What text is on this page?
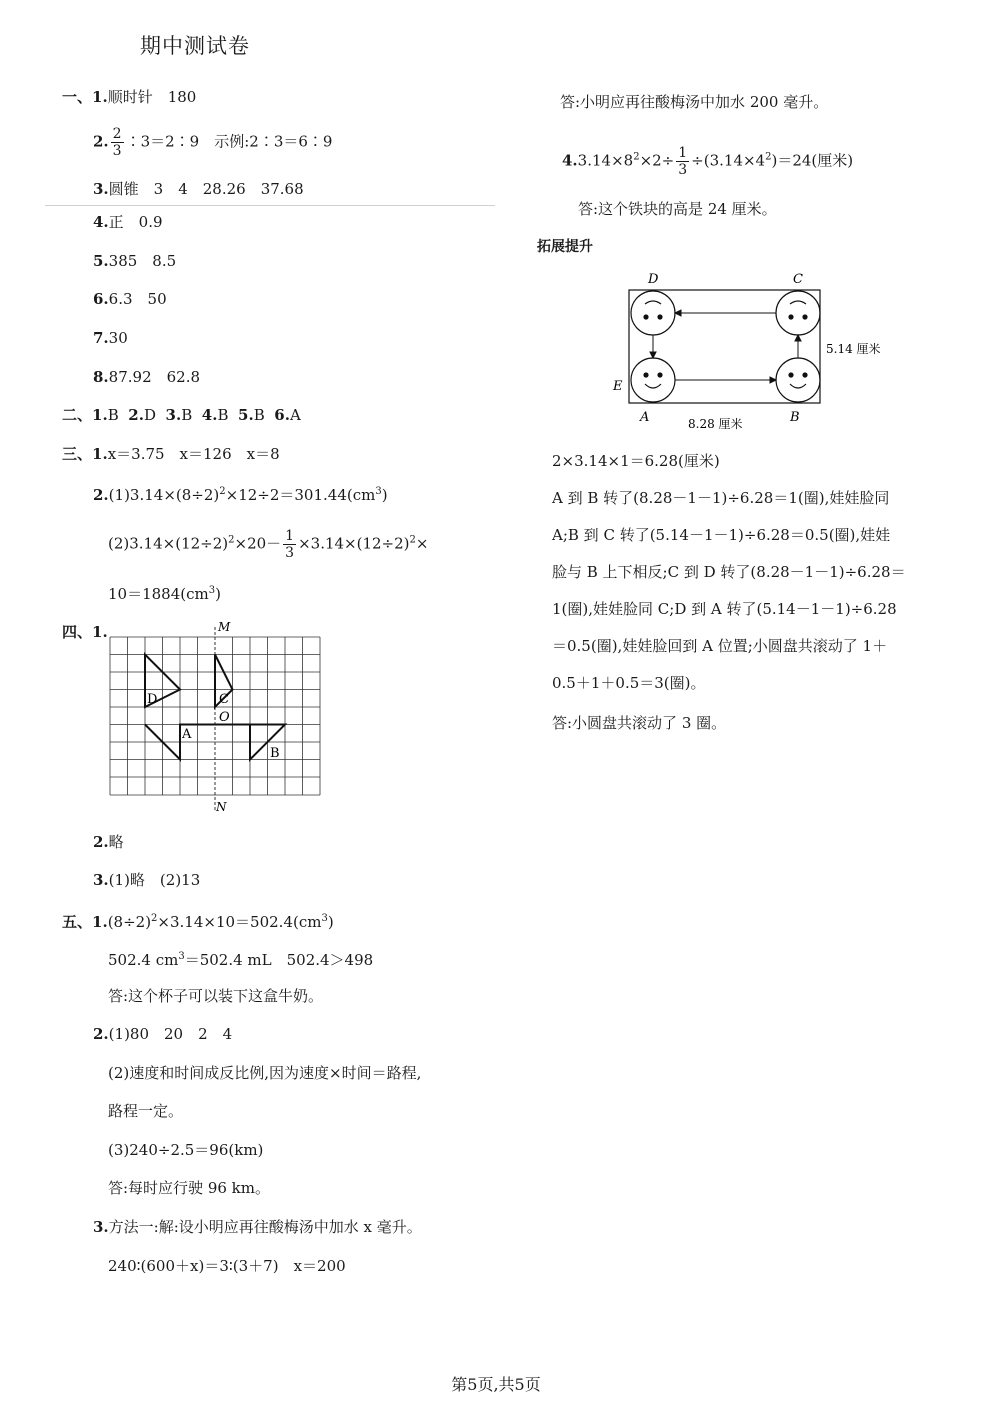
期中测试卷
一、1.顺时针　180
2. $\frac{2}{3}$ ∶3＝2∶9　示例:2∶3＝6∶9
3.圆锥　3　4　28.26　37.68
4.正　0.9
5.385　8.5
6.6.3　50
7.30
8.87.92　62.8
二、1.B 2.D 3.B 4.B 5.B 6.A
三、1.x＝3.75　x＝126　x＝8
$2.(1)3.14\times(8\div 2)^2\times 12\div 2=301.44(cm^3)$
$(2)3.14\times(12\div 2)^2\times 20- \frac{1}{3} \times 3.14\times(12\div 2)^2\times$
$10=1884(cm^3)$
四、1.	M
N
D	C
O
A
B
2.略
3.(1)略　(2)13
五、$1.(8\div 2)^2\times 3.14\times 10=502.4(cm^3)$
502.4 $cm^3=502.4$ mL　502.4＞498
答:这个杯子可以装下这盒牛奶。
2.(1)80　20　2　4
(2)速度和时间成反比例,因为速度×时间＝路程,
路程一定。
(3)240÷2.5＝96(km)
答:每时应行驶 96 km。
3.方法一:解:设小明应再往酸梅汤中加水 x 毫升。
240∶(600＋x)＝3∶(3＋7)　x＝200
答:小明应再往酸梅汤中加水 200 毫升。
$4.3.14\times 8^2\times 2\div \frac{1}{3} \div(3.14\times 4^2)=24$(厘米)
答:这个铁块的高是 24 厘米。
拓展提升
D	C
E
A	B
5.14 厘米
8.28 厘米
2×3.14×1＝6.28(厘米)
A 到 B 转了(8.28－1－1)÷6.28＝1(圈),娃娃脸同
A;B 到 C 转了(5.14－1－1)÷6.28＝0.5(圈),娃娃
脸与 B 上下相反;C 到 D 转了(8.28－1－1)÷6.28＝
1(圈),娃娃脸同 C;D 到 A 转了(5.14－1－1)÷6.28
＝0.5(圈),娃娃脸回到 A 位置;小圆盘共滚动了 1＋
0.5＋1＋0.5＝3(圈)。
答:小圆盘共滚动了 3 圈。
第5页,共5页
